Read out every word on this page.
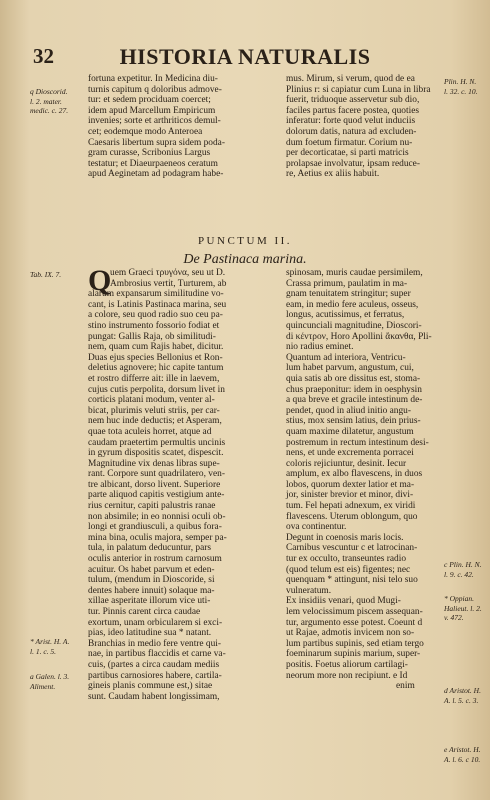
32	HISTORIA NATURALIS
q Dioscorid.
l. 2. mater.
medic. c. 27.
fortuna expetitur. In Medicina diu-
turnis capitum q doloribus admove-
tur: et sedem prociduam coercet;
idem apud Marcellum Empiricum
invenies; sorte et arthriticos demul-
cet; eodemque modo Anteroea
Caesaris libertum supra sidem poda-
gram curasse, Scribonius Largus
testatur; et Diaeurpaeneos ceratum
apud Aeginetam ad podagram habe-
mus. Mirum, si verum, quod de ea
Plinius r: si capiatur cum Luna in libra
fuerit, triduoque asservetur sub dio,
faciles partus facere postea, quoties
inferatur: forte quod velut induciis
dolorum datis, natura ad excluden-
dum foetum firmatur. Corium nu-
per decorticatae, si parti matricis
prolapsae involvatur, ipsam reduce-
re, Aetius ex aliis habuit.
Plin. H. N.
l. 32. c. 10.
PUNCTUM II.
De Pastinaca marina.
Tab. IX. 7.
* Arist. H. A.
l. 1. c. 5.
a Galen. l. 3.
Aliment.
Q
uem Graeci τρυγόνα, seu ut D.
Ambrosius vertit, Turturem, ab
alarum expansarum similitudine vo-
cant, is Latinis Pastinaca marina, seu
a colore, seu quod radio suo ceu pa-
stino instrumento fossorio fodiat et
pungat: Gallis Raja, ob similitudi-
nem, quam cum Rajis habet, dicitur.
Duas ejus species Bellonius et Ron-
deletius agnovere; hic capite tantum
et rostro differre ait: ille in laevem,
cujus cutis perpolita, dorsum livet in
corticis platani modum, venter al-
bicat, plurimis veluti striis, per car-
nem huc inde deductis; et Asperam,
quae tota aculeis horret, atque ad
caudam praetertim permultis uncinis
in gyrum dispositis scatet, dispescit.
Magnitudine vix denas libras supe-
rant. Corpore sunt quadrilatero, ven-
tre albicant, dorso livent. Superiore
parte aliquod capitis vestigium ante-
rius cernitur, capiti palustris ranae
non absimile; in eo nonnisi oculi ob-
longi et grandiusculi, a quibus fora-
mina bina, oculis majora, semper pa-
tula, in palatum deducuntur, pars
oculis anterior in rostrum carnosum
acuitur. Os habet parvum et eden-
tulum, (mendum in Dioscoride, si
dentes habere innuit) solaque ma-
xillae asperitate illorum vice uti-
tur. Pinnis carent circa caudae
exortum, unam orbicularem si exci-
pias, ideo latitudine sua * natant.
Branchias in medio fere ventre qui-
nae, in partibus flaccidis et carne va-
cuis, (partes a circa caudam mediis
partibus carnosiores habere, cartila-
gineis planis commune est,) sitae
sunt. Caudam habent longissimam,
spinosam, muris caudae persimilem,
Crassa primum, paulatim in ma-
gnam tenuitatem stringitur; super
eam, in medio fere aculeus, osseus,
longus, acutissimus, et ferratus,
quincunciali magnitudine, Dioscori-
di κέντρον, Horo Apollini ἄκανθα, Pli-
nio radius eminet.
Quantum ad interiora, Ventricu-
lum habet parvum, angustum, cui,
quia satis ab ore dissitus est, stoma-
chus praeponitur: idem in oesphysin
a qua breve et gracile intestinum de-
pendet, quod in aliud initio angu-
stius, mox sensim latius, dein prius-
quam maxime dilatetur, angustum
postremum in rectum intestinum desi-
nens, et unde excrementa porracei
coloris rejiciuntur, desinit. Iecur
amplum, ex albo flavescens, in duos
lobos, quorum dexter latior et ma-
jor, sinister brevior et minor, divi-
tum. Fel hepati adnexum, ex viridi
flavescens. Uterum oblongum, quo
ova continentur.
Degunt in coenosis maris locis.
Carnibus vescuntur c et latrocinan-
tur ex occulto, transeuntes radio
(quod telum est eis) figentes; nec
quenquam * attingunt, nisi telo suo
vulneratum.
Ex insidiis venari, quod Mugi-
lem velocissimum piscem assequan-
tur, argumento esse potest. Coeunt d
ut Rajae, admotis invicem non so-
lum partibus supinis, sed etiam tergo
foeminarum supinis marium, super-
positis. Foetus aliorum cartilagi-
neorum more non recipiunt. e Id
enim
c Plin. H. N.
l. 9. c. 42.
* Oppian.
Halieut. l. 2.
v. 472.
d Aristot. H.
A. l. 5. c. 3.
e Aristot. H.
A. l. 6. c 10.
